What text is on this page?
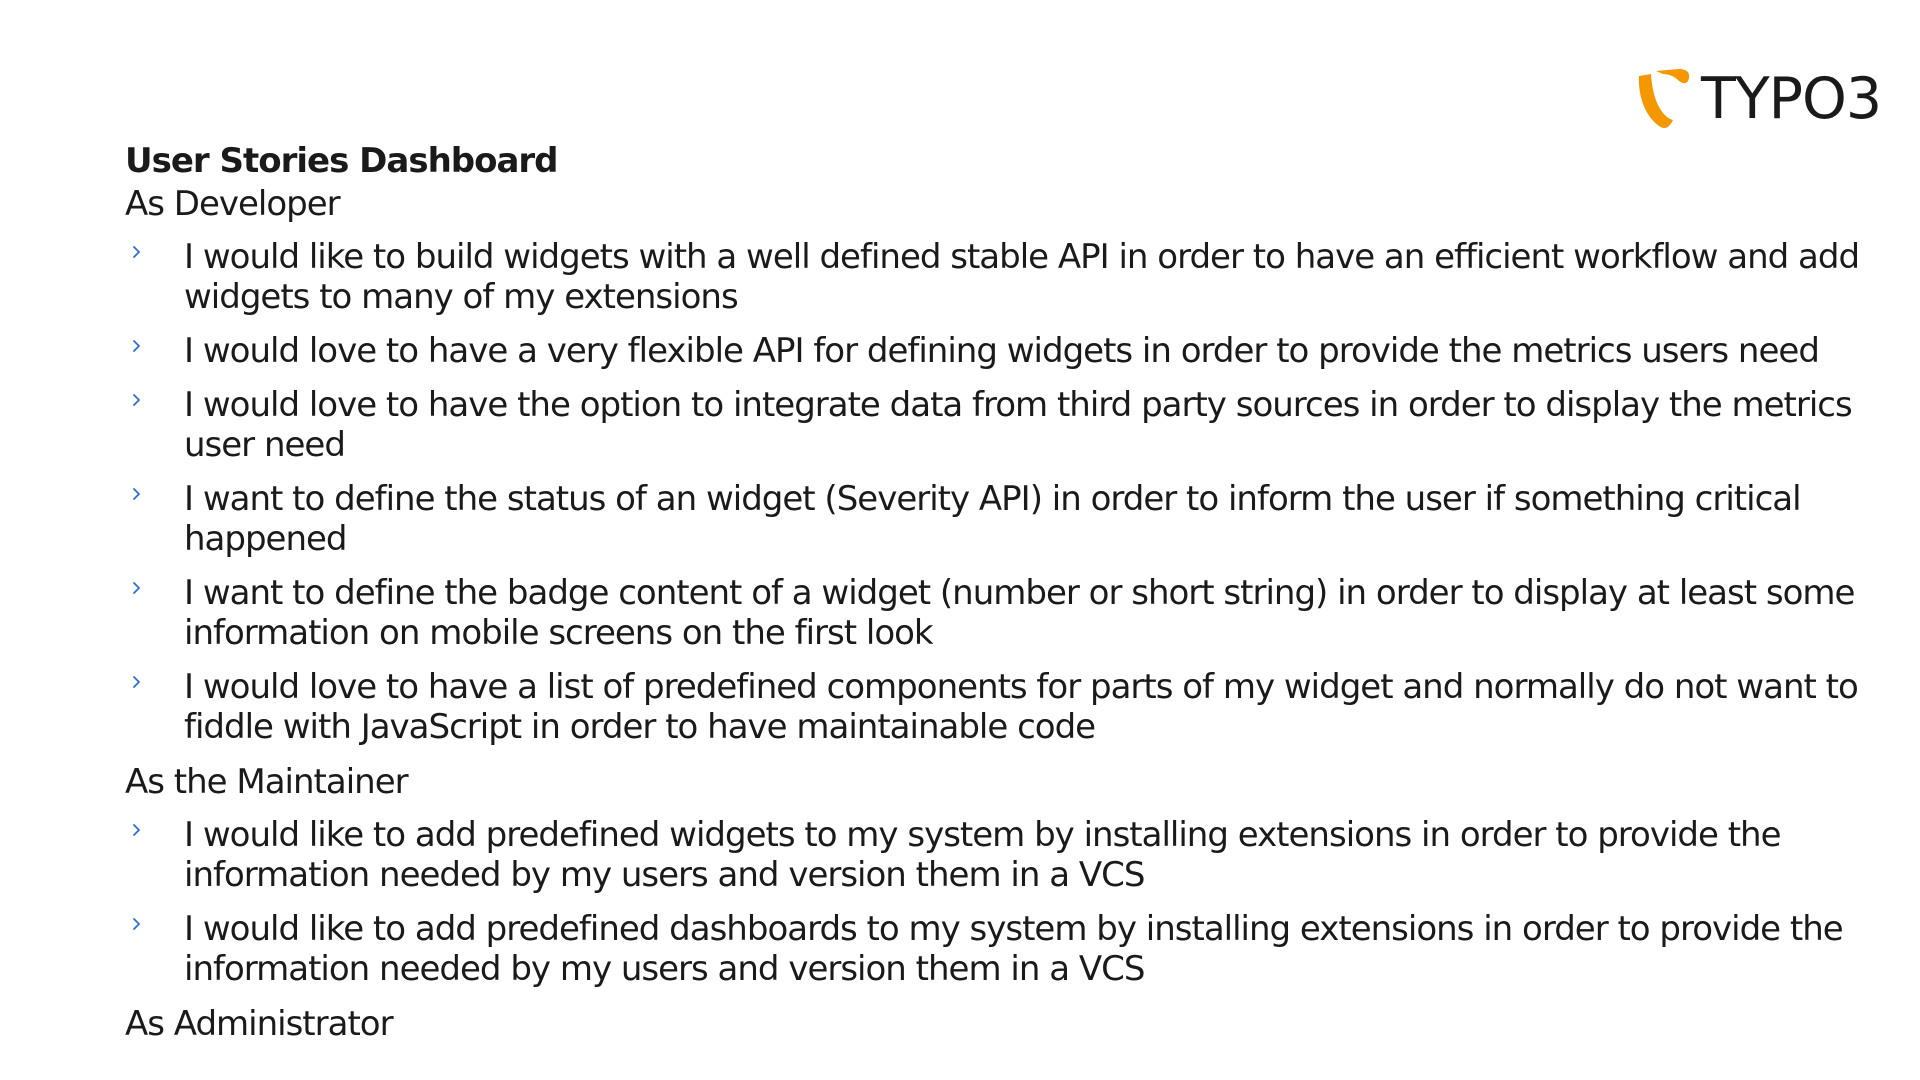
TYPO3
User Stories Dashboard
As Developer
I would like to build widgets with a well defined stable API in order to have an efficient workflow and add widgets to many of my extensions
I would love to have a very flexible API for defining widgets in order to provide the metrics users need
I would love to have the option to integrate data from third party sources in order to display the metrics user need
I want to define the status of an widget (Severity API) in order to inform the user if something critical happened
I want to define the badge content of a widget (number or short string) in order to display at least some information on mobile screens on the first look
I would love to have a list of predefined components for parts of my widget and normally do not want to fiddle with JavaScript in order to have maintainable code
As the Maintainer
I would like to add predefined widgets to my system by installing extensions in order to provide the information needed by my users and version them in a VCS
I would like to add predefined dashboards to my system by installing extensions in order to provide the information needed by my users and version them in a VCS
As Administrator
